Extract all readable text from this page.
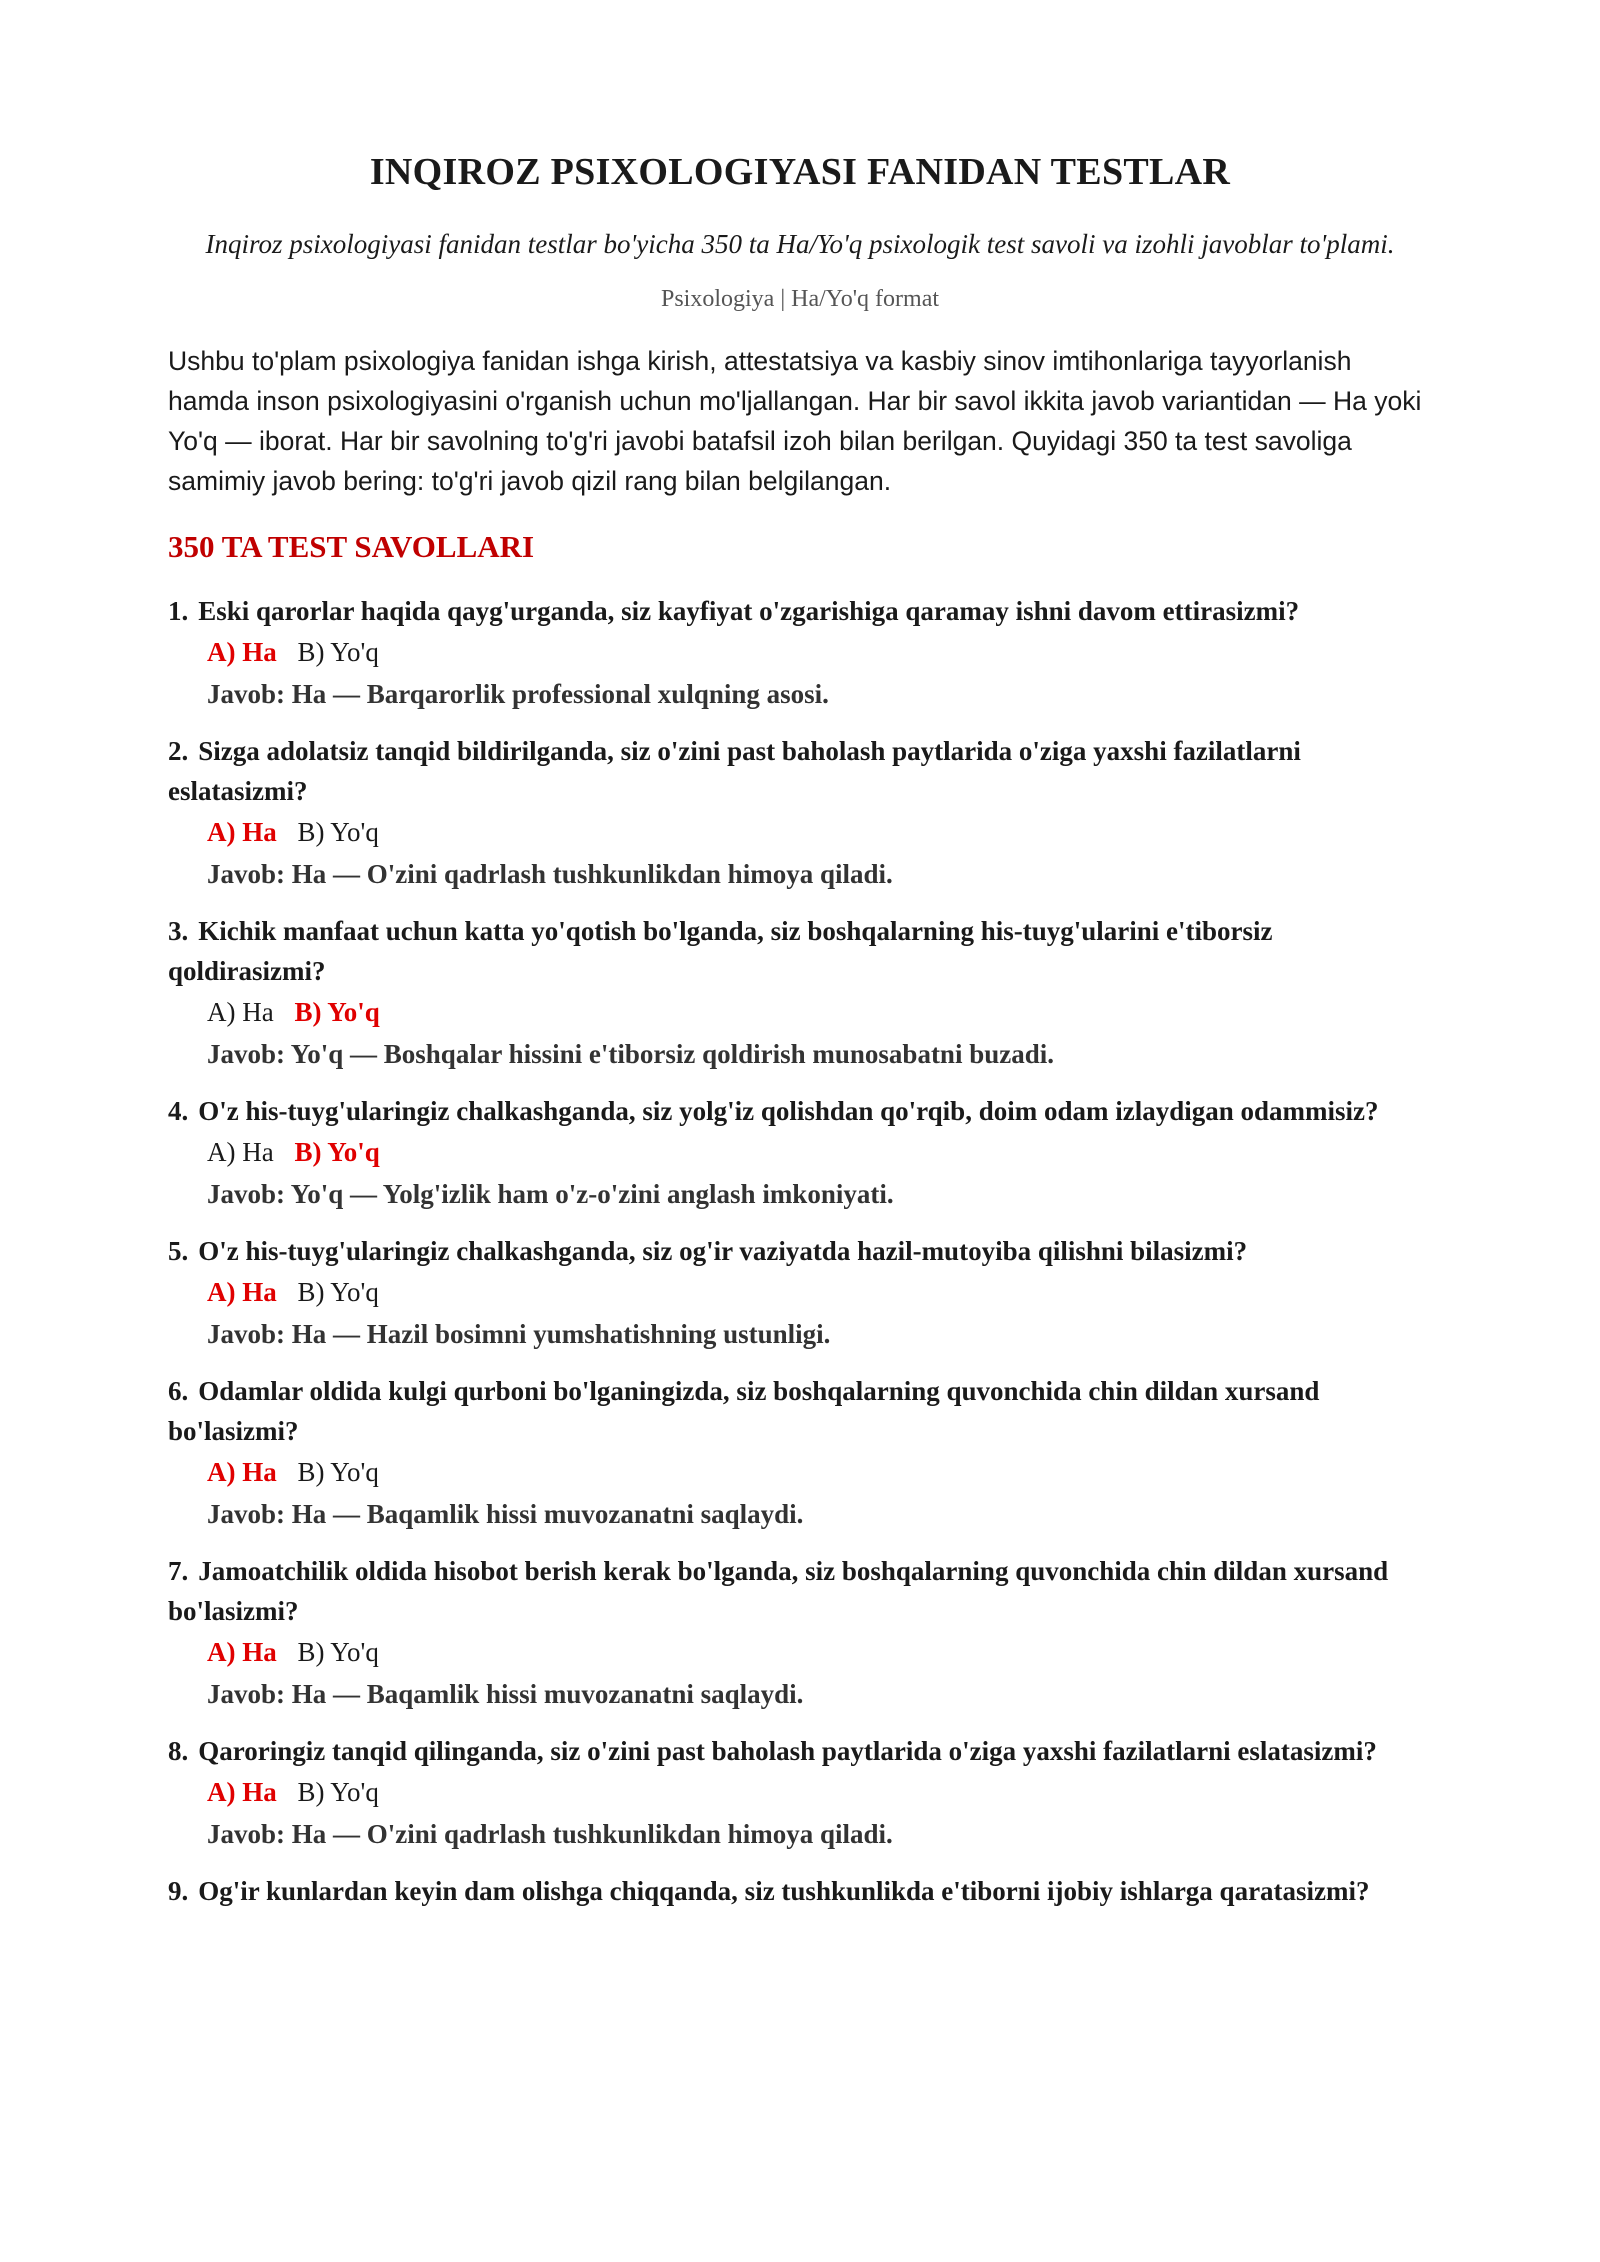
INQIROZ PSIXOLOGIYASI FANIDAN TESTLAR
Inqiroz psixologiyasi fanidan testlar bo'yicha 350 ta Ha/Yo'q psixologik test savoli va izohli javoblar to'plami.
Psixologiya | Ha/Yo'q format
Ushbu to'plam psixologiya fanidan ishga kirish, attestatsiya va kasbiy sinov imtihonlariga tayyorlanish hamda inson psixologiyasini o'rganish uchun mo'ljallangan. Har bir savol ikkita javob variantidan — Ha yoki Yo'q — iborat. Har bir savolning to'g'ri javobi batafsil izoh bilan berilgan. Quyidagi 350 ta test savoliga samimiy javob bering: to'g'ri javob qizil rang bilan belgilangan.
350 TA TEST SAVOLLARI
1. Eski qarorlar haqida qayg'urganda, siz kayfiyat o'zgarishiga qaramay ishni davom ettirasizmi?
A) Ha B) Yo'q
Javob: Ha — Barqarorlik professional xulqning asosi.
2. Sizga adolatsiz tanqid bildirilganda, siz o'zini past baholash paytlarida o'ziga yaxshi fazilatlarni eslatasizmi?
A) Ha B) Yo'q
Javob: Ha — O'zini qadrlash tushkunlikdan himoya qiladi.
3. Kichik manfaat uchun katta yo'qotish bo'lganda, siz boshqalarning his-tuyg'ularini e'tiborsiz qoldirasizmi?
A) Ha B) Yo'q
Javob: Yo'q — Boshqalar hissini e'tiborsiz qoldirish munosabatni buzadi.
4. O'z his-tuyg'ularingiz chalkashganda, siz yolg'iz qolishdan qo'rqib, doim odam izlaydigan odammisiz?
A) Ha B) Yo'q
Javob: Yo'q — Yolg'izlik ham o'z-o'zini anglash imkoniyati.
5. O'z his-tuyg'ularingiz chalkashganda, siz og'ir vaziyatda hazil-mutoyiba qilishni bilasizmi?
A) Ha B) Yo'q
Javob: Ha — Hazil bosimni yumshatishning ustunligi.
6. Odamlar oldida kulgi qurboni bo'lganingizda, siz boshqalarning quvonchida chin dildan xursand bo'lasizmi?
A) Ha B) Yo'q
Javob: Ha — Baqamlik hissi muvozanatni saqlaydi.
7. Jamoatchilik oldida hisobot berish kerak bo'lganda, siz boshqalarning quvonchida chin dildan xursand bo'lasizmi?
A) Ha B) Yo'q
Javob: Ha — Baqamlik hissi muvozanatni saqlaydi.
8. Qaroringiz tanqid qilinganda, siz o'zini past baholash paytlarida o'ziga yaxshi fazilatlarni eslatasizmi?
A) Ha B) Yo'q
Javob: Ha — O'zini qadrlash tushkunlikdan himoya qiladi.
9. Og'ir kunlardan keyin dam olishga chiqqanda, siz tushkunlikda e'tiborni ijobiy ishlarga qaratasizmi?
